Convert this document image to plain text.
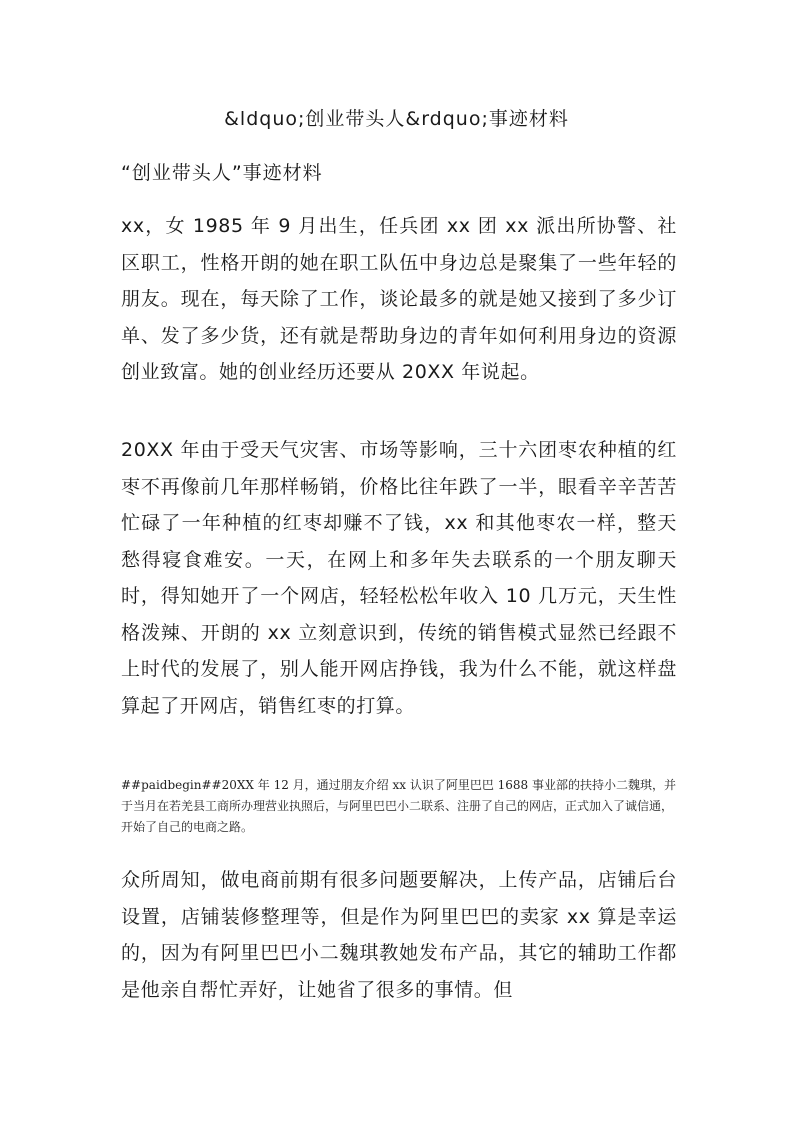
&ldquo;创业带头人&rdquo;事迹材料

“创业带头人”事迹材料

xx，女 1985 年 9 月出生，任兵团 xx 团 xx 派出所协警、社区职工，性格开朗的她在职工队伍中身边总是聚集了一些年轻的朋友。现在，每天除了工作，谈论最多的就是她又接到了多少订单、发了多少货，还有就是帮助身边的青年如何利用身边的资源创业致富。她的创业经历还要从 20XX 年说起。

20XX 年由于受天气灾害、市场等影响，三十六团枣农种植的红枣不再像前几年那样畅销，价格比往年跌了一半，眼看辛辛苦苦忙碌了一年种植的红枣却赚不了钱，xx 和其他枣农一样，整天愁得寝食难安。一天，在网上和多年失去联系的一个朋友聊天时，得知她开了一个网店，轻轻松松年收入 10 几万元，天生性格泼辣、开朗的 xx 立刻意识到，传统的销售模式显然已经跟不上时代的发展了，别人能开网店挣钱，我为什么不能，就这样盘算起了开网店，销售红枣的打算。

##paidbegin##20XX 年 12 月，通过朋友介绍 xx 认识了阿里巴巴 1688 事业部的扶持小二魏琪，并于当月在若羌县工商所办理营业执照后，与阿里巴巴小二联系、注册了自己的网店，正式加入了诚信通，开始了自己的电商之路。

众所周知，做电商前期有很多问题要解决，上传产品，店铺后台设置，店铺装修整理等，但是作为阿里巴巴的卖家 xx 算是幸运的，因为有阿里巴巴小二魏琪教她发布产品，其它的辅助工作都是他亲自帮忙弄好，让她省了很多的事情。但
